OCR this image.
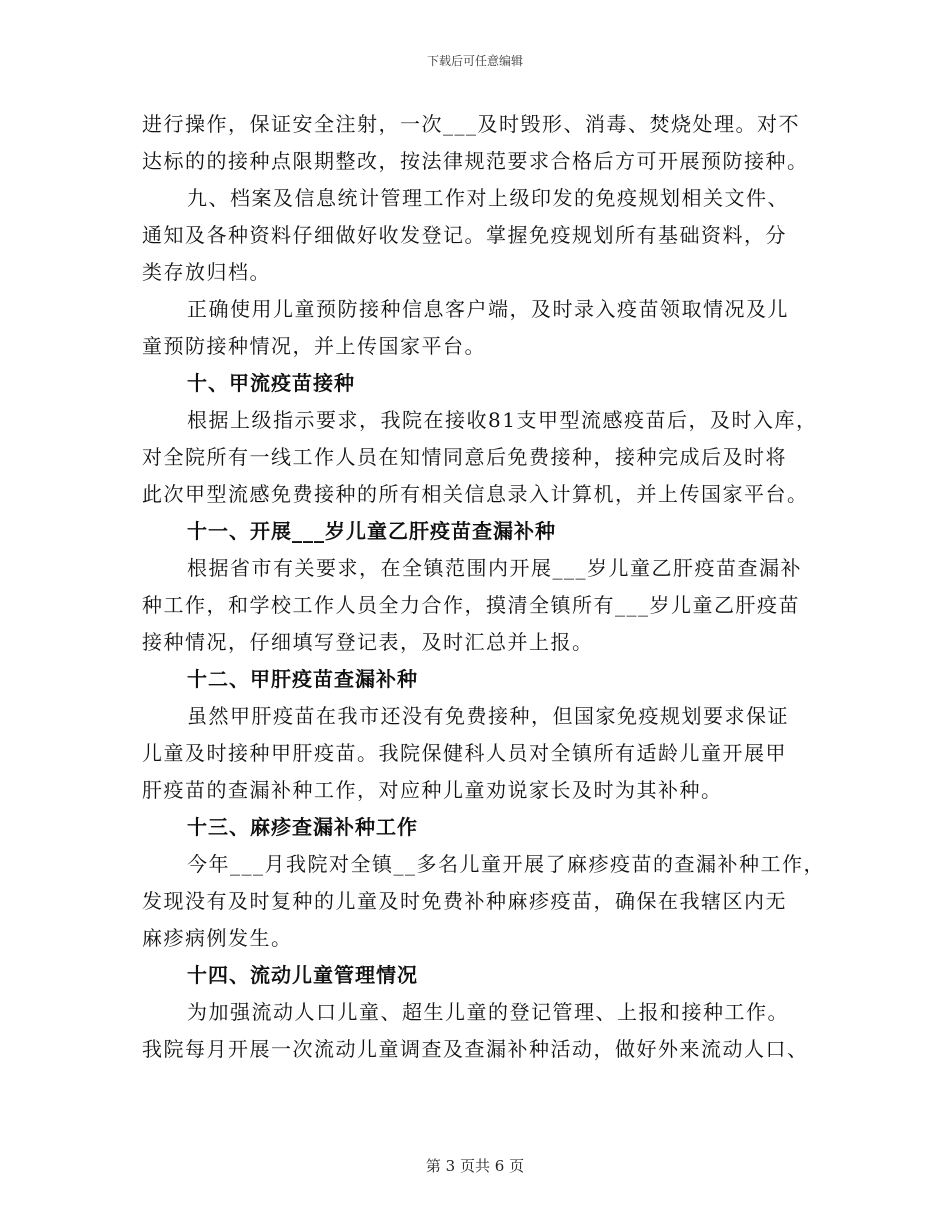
下载后可任意编辑
进行操作，保证安全注射，一次___及时毁形、消毒、焚烧处理。对不
达标的的接种点限期整改，按法律规范要求合格后方可开展预防接种。
九、档案及信息统计管理工作对上级印发的免疫规划相关文件、
通知及各种资料仔细做好收发登记。掌握免疫规划所有基础资料，分
类存放归档。
正确使用儿童预防接种信息客户端，及时录入疫苗领取情况及儿
童预防接种情况，并上传国家平台。
十、甲流疫苗接种
根据上级指示要求，我院在接收81支甲型流感疫苗后，及时入库，
对全院所有一线工作人员在知情同意后免费接种，接种完成后及时将
此次甲型流感免费接种的所有相关信息录入计算机，并上传国家平台。
十一、开展___岁儿童乙肝疫苗查漏补种
根据省市有关要求，在全镇范围内开展___岁儿童乙肝疫苗查漏补
种工作，和学校工作人员全力合作，摸清全镇所有___岁儿童乙肝疫苗
接种情况，仔细填写登记表，及时汇总并上报。
十二、甲肝疫苗查漏补种
虽然甲肝疫苗在我市还没有免费接种，但国家免疫规划要求保证
儿童及时接种甲肝疫苗。我院保健科人员对全镇所有适龄儿童开展甲
肝疫苗的查漏补种工作，对应种儿童劝说家长及时为其补种。
十三、麻疹查漏补种工作
今年___月我院对全镇__多名儿童开展了麻疹疫苗的查漏补种工作，
发现没有及时复种的儿童及时免费补种麻疹疫苗，确保在我辖区内无
麻疹病例发生。
十四、流动儿童管理情况
为加强流动人口儿童、超生儿童的登记管理、上报和接种工作。
我院每月开展一次流动儿童调查及查漏补种活动，做好外来流动人口、
第 3 页共 6 页
